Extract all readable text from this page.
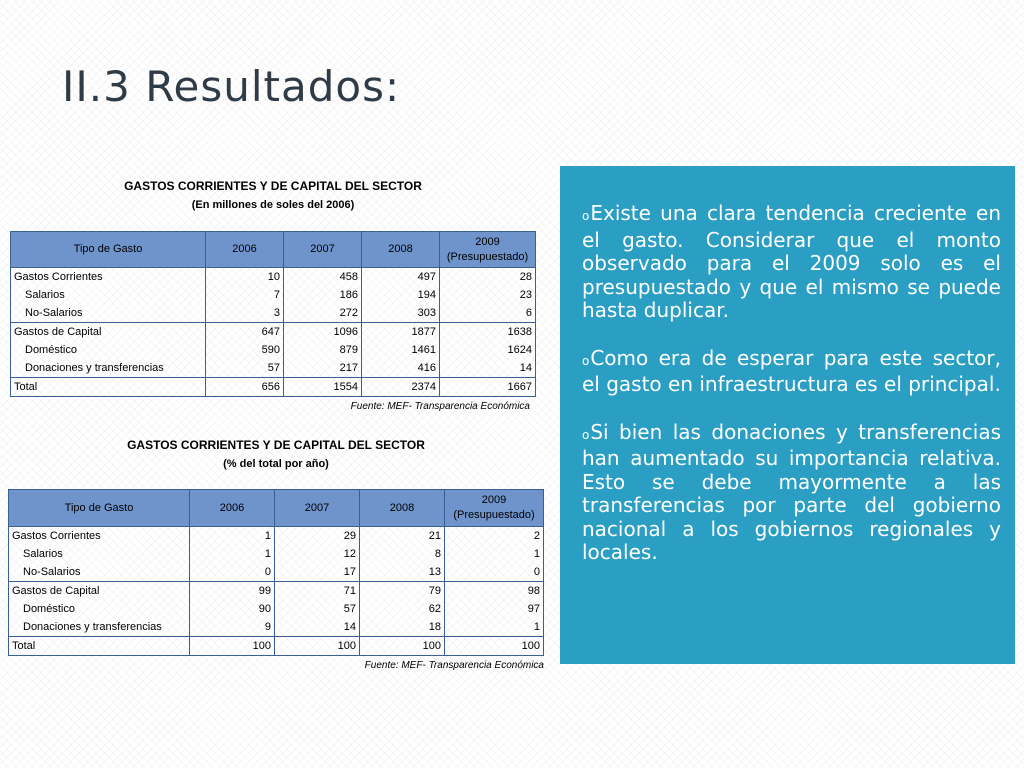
II.3 Resultados:
GASTOS CORRIENTES Y DE CAPITAL DEL SECTOR
(En millones de soles del 2006)
Tipo de Gasto	2006	2007	2008	2009
(Presupuestado)
Gastos Corrientes	10	458	497	28
Salarios	7	186	194	23
No-Salarios	3	272	303	6
Gastos de Capital	647	1096	1877	1638
Doméstico	590	879	1461	1624
Donaciones y transferencias	57	217	416	14
Total	656	1554	2374	1667
Fuente: MEF- Transparencia Económica
GASTOS CORRIENTES Y DE CAPITAL DEL SECTOR
(% del total por año)
Tipo de Gasto	2006	2007	2008	2009
(Presupuestado)
Gastos Corrientes	1	29	21	2
Salarios	1	12	8	1
No-Salarios	0	17	13	0
Gastos de Capital	99	71	79	98
Doméstico	90	57	62	97
Donaciones y transferencias	9	14	18	1
Total	100	100	100	100
Fuente: MEF- Transparencia Económica

oExiste una clara tendencia creciente en el gasto. Considerar que el monto observado para el 2009 solo es el presupuestado y que el mismo se puede hasta duplicar.

oComo era de esperar para este sector, el gasto en infraestructura es el principal.

oSi bien las donaciones y transferencias han aumentado su importancia relativa. Esto se debe mayormente a las transferencias por parte del gobierno nacional a los gobiernos regionales y locales.
